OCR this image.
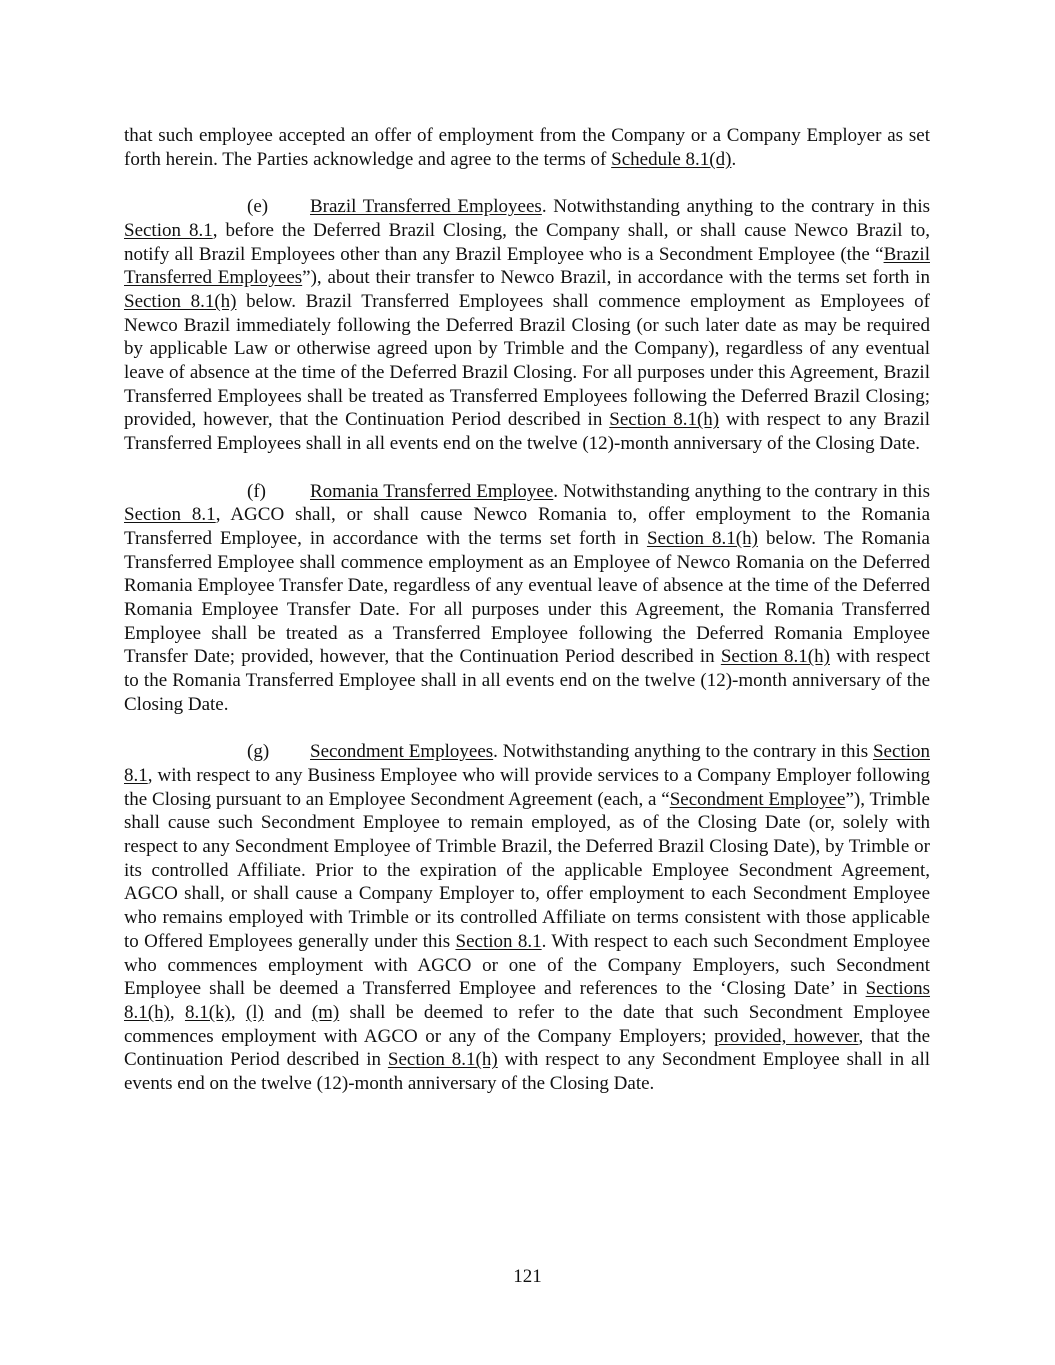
that such employee accepted an offer of employment from the Company or a Company Employer as set forth herein. The Parties acknowledge and agree to the terms of Schedule 8.1(d).

(e) Brazil Transferred Employees. Notwithstanding anything to the contrary in this Section 8.1, before the Deferred Brazil Closing, the Company shall, or shall cause Newco Brazil to, notify all Brazil Employees other than any Brazil Employee who is a Secondment Employee (the “Brazil Transferred Employees”), about their transfer to Newco Brazil, in accordance with the terms set forth in Section 8.1(h) below. Brazil Transferred Employees shall commence employment as Employees of Newco Brazil immediately following the Deferred Brazil Closing (or such later date as may be required by applicable Law or otherwise agreed upon by Trimble and the Company), regardless of any eventual leave of absence at the time of the Deferred Brazil Closing. For all purposes under this Agreement, Brazil Transferred Employees shall be treated as Transferred Employees following the Deferred Brazil Closing; provided, however, that the Continuation Period described in Section 8.1(h) with respect to any Brazil Transferred Employees shall in all events end on the twelve (12)-month anniversary of the Closing Date.

(f) Romania Transferred Employee. Notwithstanding anything to the contrary in this Section 8.1, AGCO shall, or shall cause Newco Romania to, offer employment to the Romania Transferred Employee, in accordance with the terms set forth in Section 8.1(h) below. The Romania Transferred Employee shall commence employment as an Employee of Newco Romania on the Deferred Romania Employee Transfer Date, regardless of any eventual leave of absence at the time of the Deferred Romania Employee Transfer Date. For all purposes under this Agreement, the Romania Transferred Employee shall be treated as a Transferred Employee following the Deferred Romania Employee Transfer Date; provided, however, that the Continuation Period described in Section 8.1(h) with respect to the Romania Transferred Employee shall in all events end on the twelve (12)-month anniversary of the Closing Date.

(g) Secondment Employees. Notwithstanding anything to the contrary in this Section 8.1, with respect to any Business Employee who will provide services to a Company Employer following the Closing pursuant to an Employee Secondment Agreement (each, a “Secondment Employee”), Trimble shall cause such Secondment Employee to remain employed, as of the Closing Date (or, solely with respect to any Secondment Employee of Trimble Brazil, the Deferred Brazil Closing Date), by Trimble or its controlled Affiliate. Prior to the expiration of the applicable Employee Secondment Agreement, AGCO shall, or shall cause a Company Employer to, offer employment to each Secondment Employee who remains employed with Trimble or its controlled Affiliate on terms consistent with those applicable to Offered Employees generally under this Section 8.1. With respect to each such Secondment Employee who commences employment with AGCO or one of the Company Employers, such Secondment Employee shall be deemed a Transferred Employee and references to the ‘Closing Date’ in Sections 8.1(h), 8.1(k), (l) and (m) shall be deemed to refer to the date that such Secondment Employee commences employment with AGCO or any of the Company Employers; provided, however, that the Continuation Period described in Section 8.1(h) with respect to any Secondment Employee shall in all events end on the twelve (12)-month anniversary of the Closing Date.

121
